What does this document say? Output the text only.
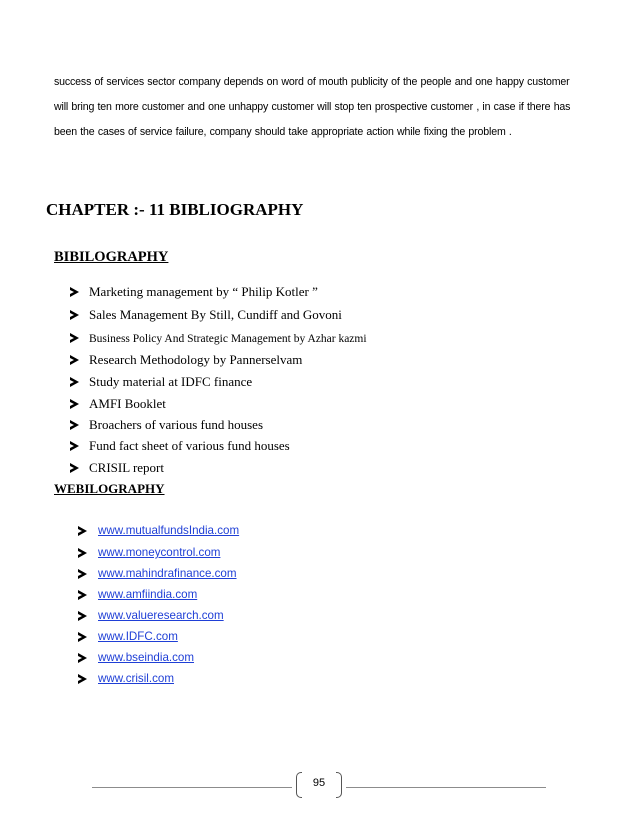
success of services sector company depends on word of mouth publicity of the people and one happy customer
will bring ten more customer and one unhappy customer will stop ten prospective customer , in case if there has
been the cases of service failure, company should take appropriate action while fixing the problem .
CHAPTER :- 11 BIBLIOGRAPHY
BIBILOGRAPHY
Marketing management by “ Philip Kotler ”
Sales Management By Still, Cundiff and Govoni
Business Policy And Strategic Management by Azhar kazmi
Research Methodology by Pannerselvam
Study material at IDFC finance
AMFI Booklet
Broachers of various fund houses
Fund fact sheet of various fund houses
CRISIL report
WEBILOGRAPHY
www.mutualfundsIndia.com
www.moneycontrol.com
www.mahindrafinance.com
www.amfiindia.com
www.valueresearch.com
www.IDFC.com
www.bseindia.com
www.crisil.com
95
